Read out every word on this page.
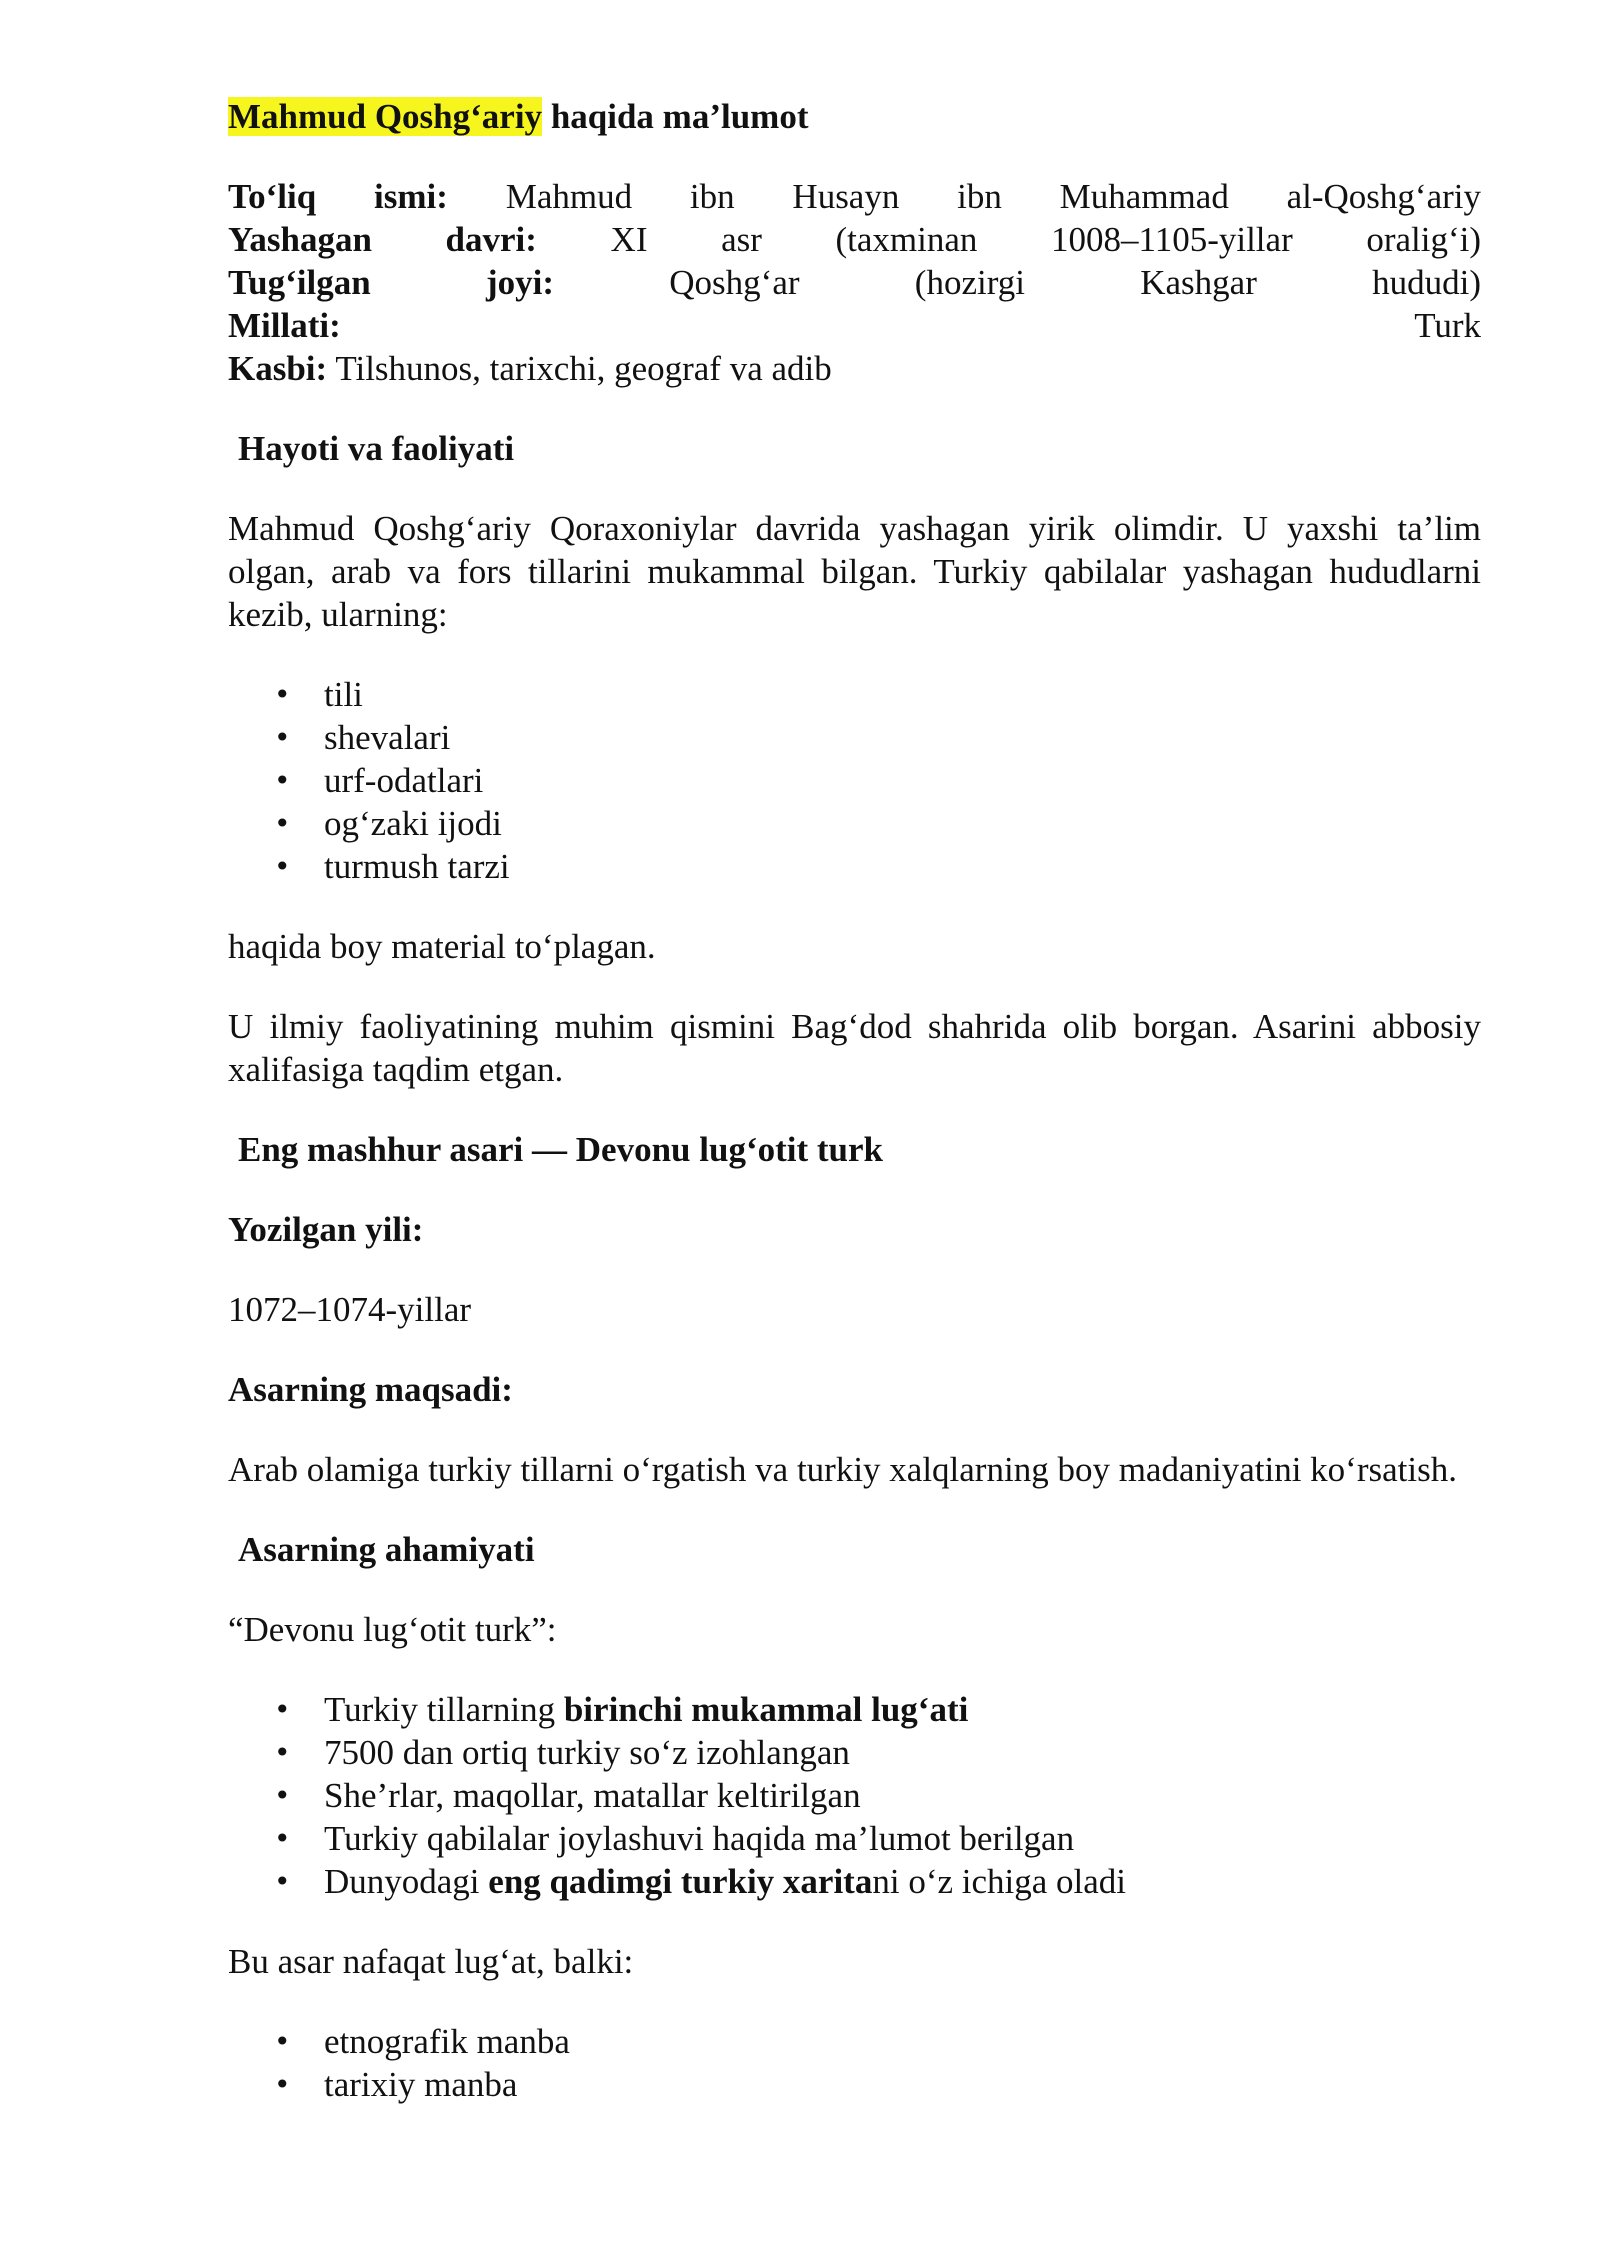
Mahmud Qoshg‘ariy haqida ma’lumot

To‘liq ismi: Mahmud ibn Husayn ibn Muhammad al-Qoshg‘ariy

Yashagan davri: XI asr (taxminan 1008–1105-yillar oralig‘i)

Tug‘ilgan joyi:	Qoshg‘ar (hozirgi Kashgar hududi)

Millati:	Turk

Kasbi: Tilshunos, tarixchi, geograf va adib

Hayoti va faoliyati

Mahmud Qoshg‘ariy Qoraxoniylar davrida yashagan yirik olimdir. U yaxshi ta’lim olgan, arab va fors tillarini mukammal bilgan. Turkiy qabilalar yashagan hududlarni kezib, ularning:

• tili
• shevalari
• urf-odatlari
• og‘zaki ijodi
• turmush tarzi

haqida boy material to‘plagan.

U ilmiy faoliyatining muhim qismini Bag‘dod shahrida olib borgan. Asarini abbosiy xalifasiga taqdim etgan.

Eng mashhur asari — Devonu lug‘otit turk

Yozilgan yili:

1072–1074-yillar

Asarning maqsadi:

Arab olamiga turkiy tillarni o‘rgatish va turkiy xalqlarning boy madaniyatini ko‘rsatish.

Asarning ahamiyati

“Devonu lug‘otit turk”:

• Turkiy tillarning birinchi mukammal lug‘ati
• 7500 dan ortiq turkiy so‘z izohlangan
• She’rlar, maqollar, matallar keltirilgan
• Turkiy qabilalar joylashuvi haqida ma’lumot berilgan
• Dunyodagi eng qadimgi turkiy xaritani o‘z ichiga oladi

Bu asar nafaqat lug‘at, balki:

• etnografik manba
• tarixiy manba
